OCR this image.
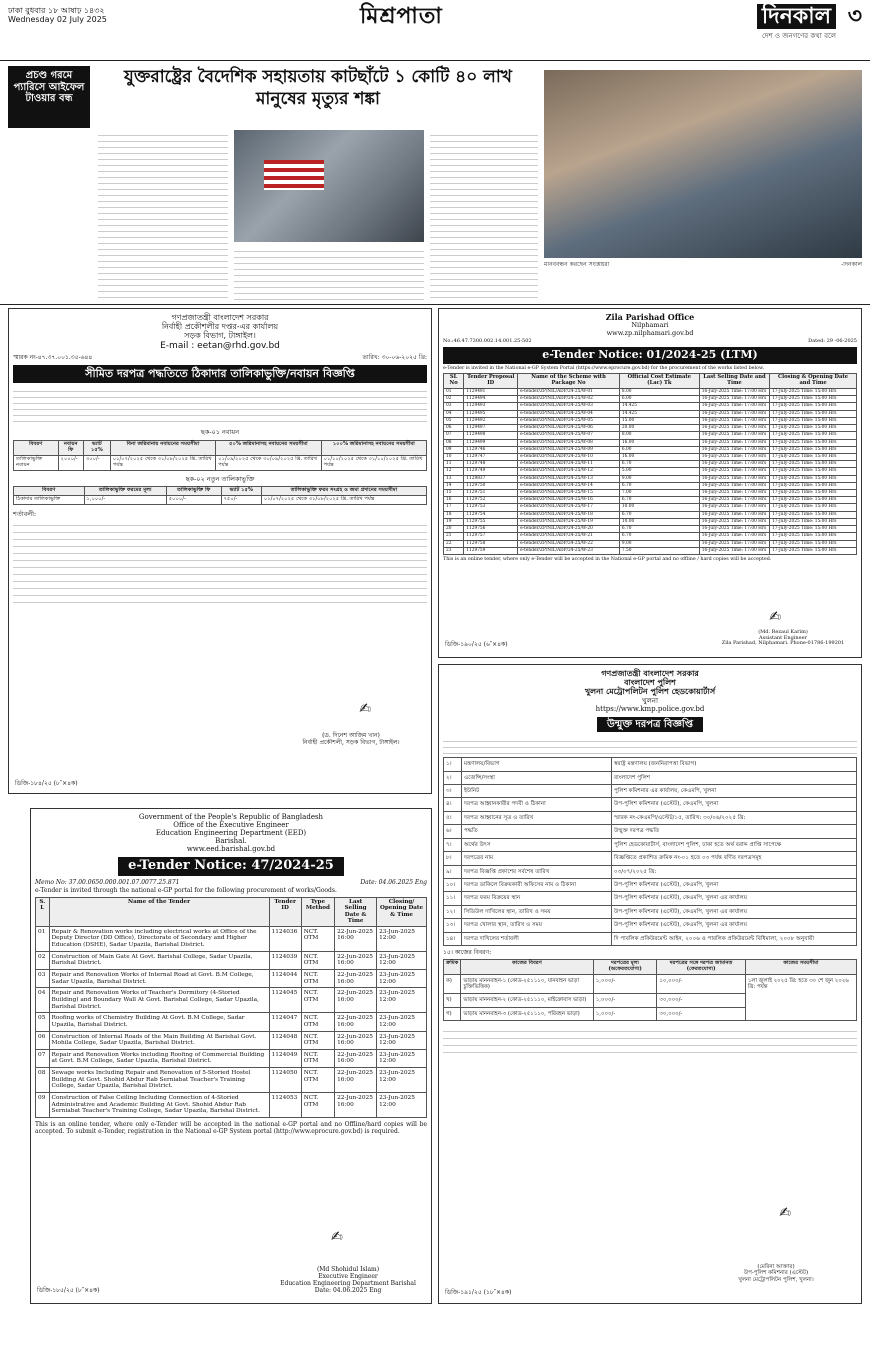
ঢাকা বুধবার ১৮ আষাঢ় ১৪৩২
Wednesday 02 July 2025	মিশ্রপাতা	দিনকাল ৩
দেশ ও জনগণের কথা বলে
প্রচণ্ড গরমে প্যারিসে আইফেল টাওয়ার বন্ধ

যুক্তরাষ্ট্রের বৈদেশিক সহায়তায় কাটছাঁটে ১ কোটি ৪০ লাখ মানুষের মৃত্যুর শঙ্কা
মানববন্ধন করছেন সংশ্লিষ্টরা	-দিনকাল
গণপ্রজাতন্ত্রী বাংলাদেশ সরকার
নির্বাহী প্রকৌশলীর দপ্তর-এর কার্যালয়
সড়ক বিভাগ, টাঙ্গাইল।
E-mail : eetan@rhd.gov.bd
স্মারক নং-৪৭.৩৭.০০১.৩৫-৬৪৪	তারিখ: ৩০-০৬-২০২৫ খ্রি:
সীমিত দরপত্র পদ্ধতিতে ঠিকাদার তালিকাভুক্তি/নবায়ন বিজ্ঞপ্তি
ছক-০১ নবায়ন
বিবরণ	নবায়ন ফি	ভ্যাট ১৫%	বিনা জরিমানায় নবায়নের সময়সীমা	৫০% জরিমানাসহ নবায়নের সময়সীমা	১০০% জরিমানাসহ নবায়নের সময়সীমা
তালিকাভুক্তি নবায়ন	২০০০/-	৩০০/-	০১/০৭/২০২৫ থেকে ৩১/০৮/২০২৫ খ্রি. তারিখ পর্যন্ত	০১/০৯/২০২৫ থেকে ৩০/০৯/২০২৫ খ্রি. তারিখ পর্যন্ত	০১/১০/২০২৫ থেকে ৩১/১০/২০২৫ খ্রি. তারিখ পর্যন্ত
ছক-০২ নতুন তালিকাভুক্তি
বিবরণ	তালিকাভুক্তি ফরমের মূল্য	তালিকাভুক্তি ফি	ভ্যাট ১৫%	তালিকাভুক্তি ফরম সংগ্রহ ও জমা প্রদানের সময়সীমা
ঠিকাদার তালিকাভুক্তি	১,০০০/-	৫০০০/-	৭৫০/-	০১/০৭/২০২৫ থেকে ৩১/০৮/২০২৫ খ্রি. তারিখ পর্যন্ত
শর্তাবলী:
✍
(ড. দিনেশ আজিম খান)
নির্বাহী প্রকৌশলী, সড়ক বিভাগ, টাঙ্গাইল।
ডিজি-১৮৪/২৫ (৮″×৪ক)
Zila Parishad Office
Nilphamari
www.zp.nilphamari.gov.bd
No.:46.47.7300.002.14.001.25-502	Dated: 29 -06-2025
e-Tender Notice: 01/2024-25 (LTM)
e-Tender is invited in the National e-GP System Portal (https://www.eprocure.gov.bd) for the procurement of the works listed below.
SL No	Tender Proposal ID	Name of the Scheme with Package No	Official Cost Estimate (Lac) Tk	Last Selling Date and Time	Closing & Opening Date and Time
01	1129491	e-tender/ZP/NIL/ADP/24-25/W-01	8.00	16-July-2025 Time: 17:00 Hrs	17-July-2025 Time: 15:00 Hrs
02	1129494	e-tender/ZP/NIL/ADP/24-25/W-02	6.00	16-July-2025 Time: 17:00 Hrs	17-July-2025 Time: 15:00 Hrs
03	1129493	e-tender/ZP/NIL/ADP/24-25/W-03	14.425	16-July-2025 Time: 17:00 Hrs	17-July-2025 Time: 15:00 Hrs
04	1129495	e-tender/ZP/NIL/ADP/24-25/W-04	14.425	16-July-2025 Time: 17:00 Hrs	17-July-2025 Time: 15:00 Hrs
05	1129492	e-tender/ZP/NIL/ADP/24-25/W-05	15.00	16-July-2025 Time: 17:00 Hrs	17-July-2025 Time: 15:00 Hrs
06	1129497	e-tender/ZP/NIL/ADP/24-25/W-06	20.00	16-July-2025 Time: 17:00 Hrs	17-July-2025 Time: 15:00 Hrs
07	1129498	e-tender/ZP/NIL/ADP/24-25/W-07	8.00	16-July-2025 Time: 17:00 Hrs	17-July-2025 Time: 15:00 Hrs
08	1129499	e-tender/ZP/NIL/ADP/24-25/W-08	16.00	16-July-2025 Time: 17:00 Hrs	17-July-2025 Time: 15:00 Hrs
09	1129746	e-tender/ZP/NIL/ADP/24-25/W-09	6.00	16-July-2025 Time: 17:00 Hrs	17-July-2025 Time: 15:00 Hrs
10	1129747	e-tender/ZP/NIL/ADP/24-25/W-10	16.00	16-July-2025 Time: 17:00 Hrs	17-July-2025 Time: 15:00 Hrs
11	1129748	e-tender/ZP/NIL/ADP/24-25/W-11	6.70	16-July-2025 Time: 17:00 Hrs	17-July-2025 Time: 15:00 Hrs
12	1129749	e-tender/ZP/NIL/ADP/24-25/W-12	5.00	16-July-2025 Time: 17:00 Hrs	17-July-2025 Time: 15:00 Hrs
13	1129837	e-tender/ZP/NIL/ADP/24-25/W-13	9.00	16-July-2025 Time: 17:00 Hrs	17-July-2025 Time: 15:00 Hrs
14	1129750	e-tender/ZP/NIL/ADP/24-25/W-14	6.70	16-July-2025 Time: 17:00 Hrs	17-July-2025 Time: 15:00 Hrs
15	1129751	e-tender/ZP/NIL/ADP/24-25/W-15	7.00	16-July-2025 Time: 17:00 Hrs	17-July-2025 Time: 15:00 Hrs
16	1129752	e-tender/ZP/NIL/ADP/24-25/W-16	6.70	16-July-2025 Time: 17:00 Hrs	17-July-2025 Time: 15:00 Hrs
17	1129753	e-tender/ZP/NIL/ADP/24-25/W-17	10.00	16-July-2025 Time: 17:00 Hrs	17-July-2025 Time: 15:00 Hrs
18	1129754	e-tender/ZP/NIL/ADP/24-25/W-18	6.70	16-July-2025 Time: 17:00 Hrs	17-July-2025 Time: 15:00 Hrs
19	1129755	e-tender/ZP/NIL/ADP/24-25/W-19	10.00	16-July-2025 Time: 17:00 Hrs	17-July-2025 Time: 15:00 Hrs
20	1129756	e-tender/ZP/NIL/ADP/24-25/W-20	6.70	16-July-2025 Time: 17:00 Hrs	17-July-2025 Time: 15:00 Hrs
21	1129757	e-tender/ZP/NIL/ADP/24-25/W-21	6.70	16-July-2025 Time: 17:00 Hrs	17-July-2025 Time: 15:00 Hrs
22	1129758	e-tender/ZP/NIL/ADP/24-25/W-22	9.00	16-July-2025 Time: 17:00 Hrs	17-July-2025 Time: 15:00 Hrs
23	1129759	e-tender/ZP/NIL/ADP/24-25/W-23	7.50	16-July-2025 Time: 17:00 Hrs	17-July-2025 Time: 15:00 Hrs
This is an online tender, where only e-Tender will be accepted in the National e-GP portal and no offline / hard copies will be accepted.
✍
(Md. Rezaul Karim)
Assistant Engineer
Zila Parishad, Nilphamari. Phone-01786-199201
ডিজি-১৯০/২৫ (৬″×৪ক)
গণপ্রজাতন্ত্রী বাংলাদেশ সরকার
বাংলাদেশ পুলিশ
খুলনা মেট্রোপলিটন পুলিশ হেডকোয়ার্টার্স
খুলনা
https://www.kmp.police.gov.bd
উন্মুক্ত দরপত্র বিজ্ঞপ্তি
১।	মন্ত্রণালয়/বিভাগ	স্বরাষ্ট্র মন্ত্রণালয় (জননিরাপত্তা বিভাগ)
২।	এজেন্সি/সংস্থা	বাংলাদেশ পুলিশ
৩।	ইউনিট	পুলিশ কমিশনার এর কার্যালয়, কেএমপি, খুলনা
৪।	দরপত্র আহ্বানকারীর পদবী ও ঠিকানা	উপ-পুলিশ কমিশনার (এস্টেট), কেএমপি, খুলনা
৫।	দরপত্র আহ্বানের সূত্র ও তারিখ	স্মারক নং-কেএমপি/এস্টেট/১৫, তারিখ: ৩০/০৬/২০২৫ খ্রি:
৬।	পদ্ধতি	উন্মুক্ত দরপত্র পদ্ধতি
৭।	অর্থের উৎস	পুলিশ হেডকোয়ার্টার্স, বাংলাদেশ পুলিশ, ঢাকা হতে অর্থ বরাদ্দ প্রাপ্তি সাপেক্ষে
৮।	দরপত্রের নাম	বিজ্ঞপ্তিতে প্রকাশিত ক্রমিক নং-০১ হতে ০৩ পর্যন্ত বর্ণিত দরপত্রসমূহ
৯।	দরপত্র বিজ্ঞপ্তি প্রকাশের সর্বশেষ তারিখ	০৩/০৭/২০২৫ খ্রি:
১০।	দরপত্র ডাকিলে বিক্রয়কারী অফিসের নাম ও ঠিকানা	উপ-পুলিশ কমিশনার (এস্টেট), কেএমপি, খুলনা
১১।	দরপত্র ফরম বিক্রয়ের স্থান	উপ-পুলিশ কমিশনার (এস্টেট), কেএমপি, খুলনা এর কার্যালয়
১২।	সিডিউল দাখিলের স্থান, তারিখ ও সময়	উপ-পুলিশ কমিশনার (এস্টেট), কেএমপি, খুলনা এর কার্যালয়
১৩।	দরপত্র খোলার স্থান, তারিখ ও সময়	উপ-পুলিশ কমিশনার (এস্টেট), কেএমপি, খুলনা এর কার্যালয়
১৪।	দরপত্র দাখিলের শর্তাবলী	দি পাবলিক প্রকিউরমেন্ট আইন, ২০০৬ ও পাবলিক প্রকিউরমেন্ট বিধিমালা, ২০০৮ অনুযায়ী
১৫। কাজের বিবরণ:
ক্রমিক	কাজের বিবরণ	দরপত্রের মূল্য (অফেরতযোগ্য)	দরপত্রের সঙ্গে দরপত্র জামানত (ফেরতযোগ্য)	কাজের সময়সীমা
ক)	ভাড়ায় মাননবাহন-১ (কোড-২৫১১১০, যানবাহন ভাড়া চুক্তিভিত্তিক)	১,০০০/-	১০,০০০/-	১লা জুলাই ২০২৫ খ্রি: হতে ৩০ শে জুন ২০২৬ খ্রি: পর্যন্ত
খ)	ভাড়ায় মাননবাহন-২ (কোড-২৫১১১০, মাইক্রোবাস ভাড়া)	১,০০০/-	৩০,০০০/-	
গ)	ভাড়ায় মাননবাহন-৩ (কোড-২৫১১১০, পরিবহন ভাড়া)	১,০০০/-	৩০,০০০/-	
✍
(মেরিনা আক্তার)
উপ-পুলিশ কমিশনার (এস্টেট)
খুলনা মেট্রোপলিটন পুলিশ, খুলনা।
ডিজি-১৯১/২৫ (১৮″×৪ক)
Government of the People's Republic of Bangladesh
Office of the Executive Engineer
Education Engineering Department (EED)
Barishal.
www.eed.barishal.gov.bd
e-Tender Notice: 47/2024-25
Memo No: 37.00.0650.000.001.07.0077.25.871	Date: 04.06.2025 Eng
e-Tender is invited through the national e-GP portal for the following procurement of works/Goods.
S. L	Name of the Tender	Tender ID	Type Method	Last Selling Date & Time	Closing/ Opening Date & Time
01	Repair & Renovation works including electrical works at Office of the Deputy Director (DD Office), Directorate of Secondary and Higher Education (DSHE), Sadar Upazila, Barishal District.	1124036	NCT. OTM	22-Jun-2025 16:00	23-Jun-2025 12:00
02	Construction of Main Gate At Govt. Barishal College, Sadar Upazila, Barishal District.	1124039	NCT. OTM	22-Jun-2025 16:00	23-Jun-2025 12:00
03	Repair and Renovation Works of Internal Road at Govt. B.M College, Sadar Upazila, Barishal District.	1124044	NCT. OTM	22-Jun-2025 16:00	23-Jun-2025 12:00
04	Repair and Renovation Works of Teacher's Dormitory (4-Storied Building) and Boundary Wall At Govt. Barishal College, Sadar Upazila, Barishal District.	1124045	NCT. OTM	22-Jun-2025 16:00	23-Jun-2025 12:00
05	Roofing works of Chemistry Building At Govt. B.M College, Sadar Upazila, Barishal District.	1124047	NCT. OTM	22-Jun-2025 16:00	23-Jun-2025 12:00
06	Construction of Internal Roads of the Main Building At Barishal Govt. Mohila College, Sadar Upazila, Barishal District.	1124048	NCT. OTM	22-Jun-2025 16:00	23-Jun-2025 12:00
07	Repair and Renovation Works including Roofing of Commercial Building at Govt. B.M College, Sadar Upazila, Barishal District.	1124049	NCT. OTM	22-Jun-2025 16:00	23-Jun-2025 12:00
08	Sewage works Including Repair and Renovation of 5-Storied Hostel Building At Govt. Shohid Abdur Rab Serniabat Teacher's Training College, Sadar Upazila, Barishal District.	1124050	NCT. OTM	22-Jun-2025 16:00	23-Jun-2025 12:00
09	Construction of False Ceiling Including Connection of 4-Storied Administrative and Academic Building At Govt. Shohid Abdur Rab Serniabat Teacher's Training College, Sadar Upazila, Barishal District.	1124053	NCT. OTM	22-Jun-2025 16:00	23-Jun-2025 12:00
This is an online tender, where only e-Tender will be accepted in the national e-GP portal and no Offline/hard copies will be accepted. To submit e-Tender, registration in the National e-GP System portal (http://www.eprocure.gov.bd) is required.
✍
(Md Shohidul Islam)
Executive Engineer
Education Engineering Department Barishal
Date: 04.06.2025 Eng
ডিজি-১৮৫/২৫ (৮″×৪ক)
